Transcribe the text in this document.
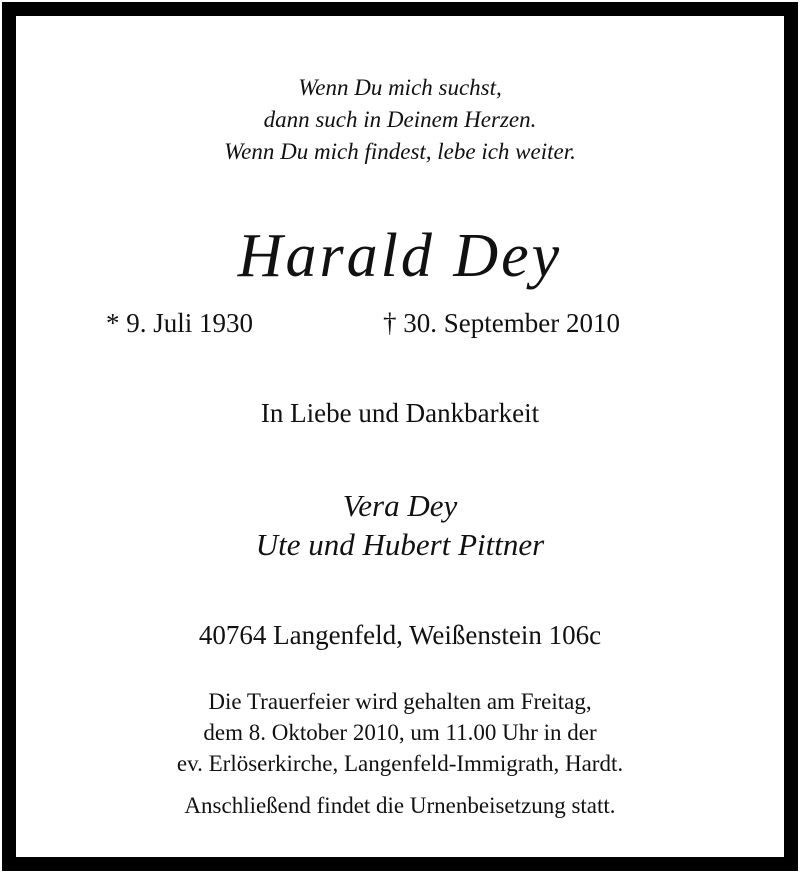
Wenn Du mich suchst,
dann such in Deinem Herzen.
Wenn Du mich findest, lebe ich weiter.
Harald Dey
* 9. Juli 1930	† 30. September 2010
In Liebe und Dankbarkeit
Vera Dey
Ute und Hubert Pittner
40764 Langenfeld, Weißenstein 106c
Die Trauerfeier wird gehalten am Freitag,
dem 8. Oktober 2010, um 11.00 Uhr in der
ev. Erlöserkirche, Langenfeld-Immigrath, Hardt.
Anschließend findet die Urnenbeisetzung statt.
